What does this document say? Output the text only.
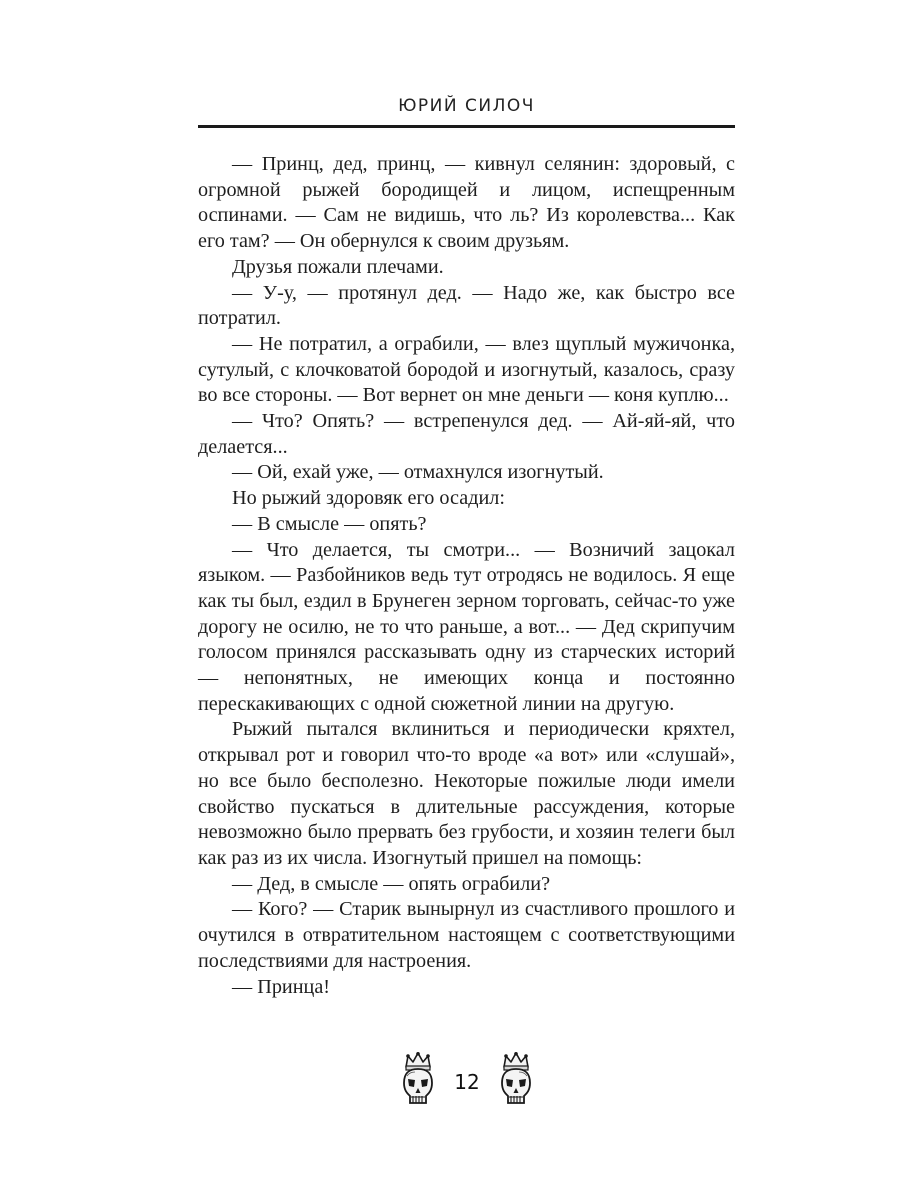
ЮРИЙ СИЛОЧ

— Принц, дед, принц, — кивнул селянин: здоровый, с огромной рыжей бородищей и лицом, испещренным оспинами. — Сам не видишь, что ль? Из королевства... Как его там? — Он обернулся к своим друзьям.

Друзья пожали плечами.

— У-у, — протянул дед. — Надо же, как быстро все потратил.

— Не потратил, а ограбили, — влез щуплый мужичонка, сутулый, с клочковатой бородой и изогнутый, казалось, сразу во все стороны. — Вот вернет он мне деньги — коня куплю...

— Что? Опять? — встрепенулся дед. — Ай-яй-яй, что делается...

— Ой, ехай уже, — отмахнулся изогнутый.

Но рыжий здоровяк его осадил:

— В смысле — опять?

— Что делается, ты смотри... — Возничий зацокал языком. — Разбойников ведь тут отродясь не водилось. Я еще как ты был, ездил в Брунеген зерном торговать, сейчас-то уже дорогу не осилю, не то что раньше, а вот... — Дед скрипучим голосом принялся рассказывать одну из старческих историй — непонятных, не имеющих конца и постоянно перескакивающих с одной сюжетной линии на другую.

Рыжий пытался вклиниться и периодически кряхтел, открывал рот и говорил что-то вроде «а вот» или «слушай», но все было бесполезно. Некоторые пожилые люди имели свойство пускаться в длительные рассуждения, которые невозможно было прервать без грубости, и хозяин телеги был как раз из их числа. Изогнутый пришел на помощь:

— Дед, в смысле — опять ограбили?

— Кого? — Старик вынырнул из счастливого прошлого и очутился в отвратительном настоящем с соответствующими последствиями для настроения.

— Принца!

12
